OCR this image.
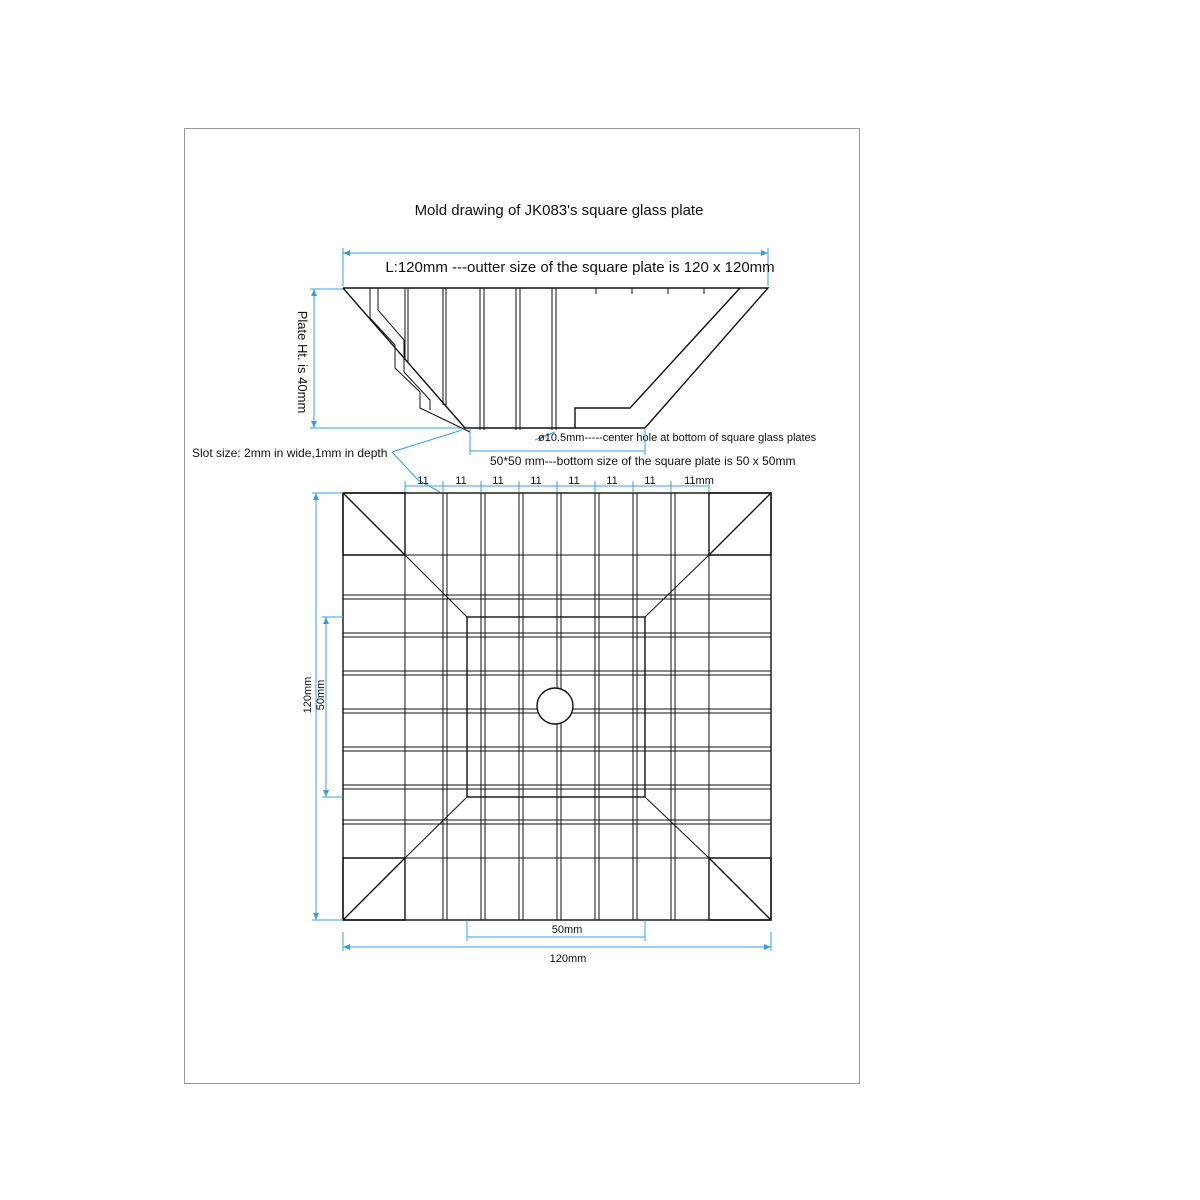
Mold drawing of JK083's square glass plate
L:120mm ---outter size of the square plate is 120 x 120mm
Plate Ht. is 40mm
ø10.5mm-----center hole at bottom of square glass plates
50*50 mm---bottom size of the square plate is 50 x 50mm
Slot size: 2mm in wide,1mm in depth
11 11 11 11 11 11 11	11mm
120mm 50mm
50mm
120mm
